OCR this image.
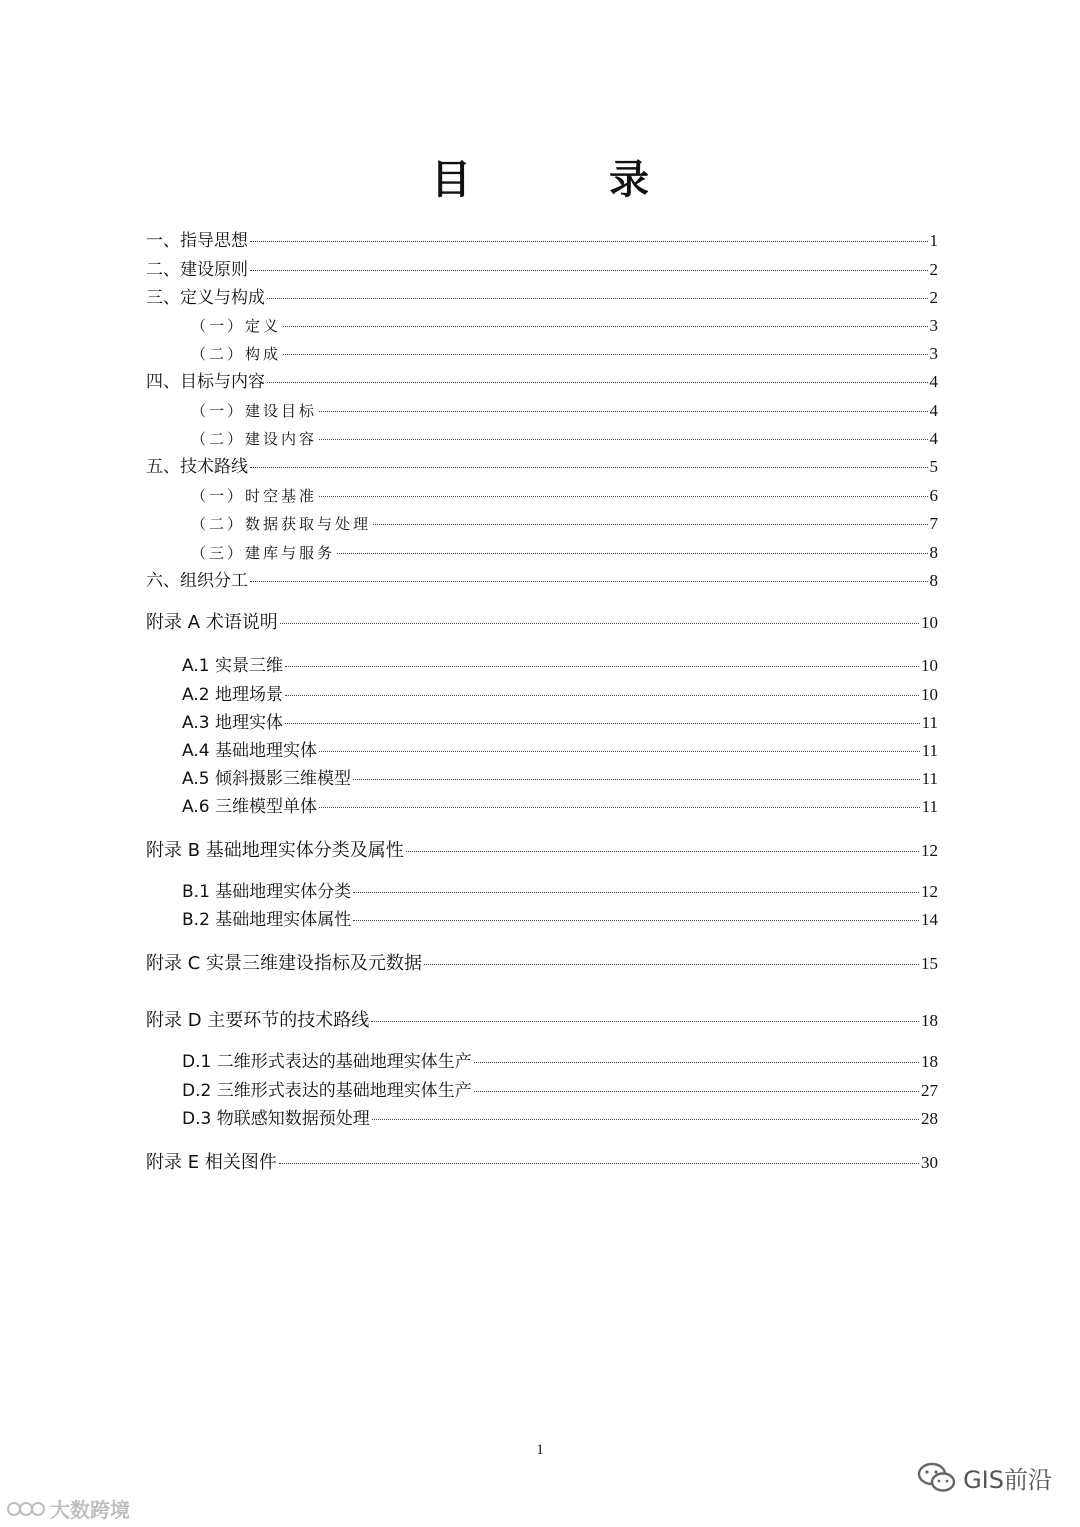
目 录
一、指导思想	1
二、建设原则	2
三、定义与构成	2
（一）定义	3
（二）构成	3
四、目标与内容	4
（一）建设目标	4
（二）建设内容	4
五、技术路线	5
（一）时空基准	6
（二）数据获取与处理	7
（三）建库与服务	8
六、组织分工	8
附录 A 术语说明	10
A.1 实景三维	10
A.2 地理场景	10
A.3 地理实体	11
A.4 基础地理实体	11
A.5 倾斜摄影三维模型	11
A.6 三维模型单体	11
附录 B 基础地理实体分类及属性	12
B.1 基础地理实体分类	12
B.2 基础地理实体属性	14
附录 C 实景三维建设指标及元数据	15
附录 D 主要环节的技术路线	18
D.1 二维形式表达的基础地理实体生产	18
D.2 三维形式表达的基础地理实体生产	27
D.3 物联感知数据预处理	28
附录 E 相关图件	30
1
大数跨境
GIS前沿
